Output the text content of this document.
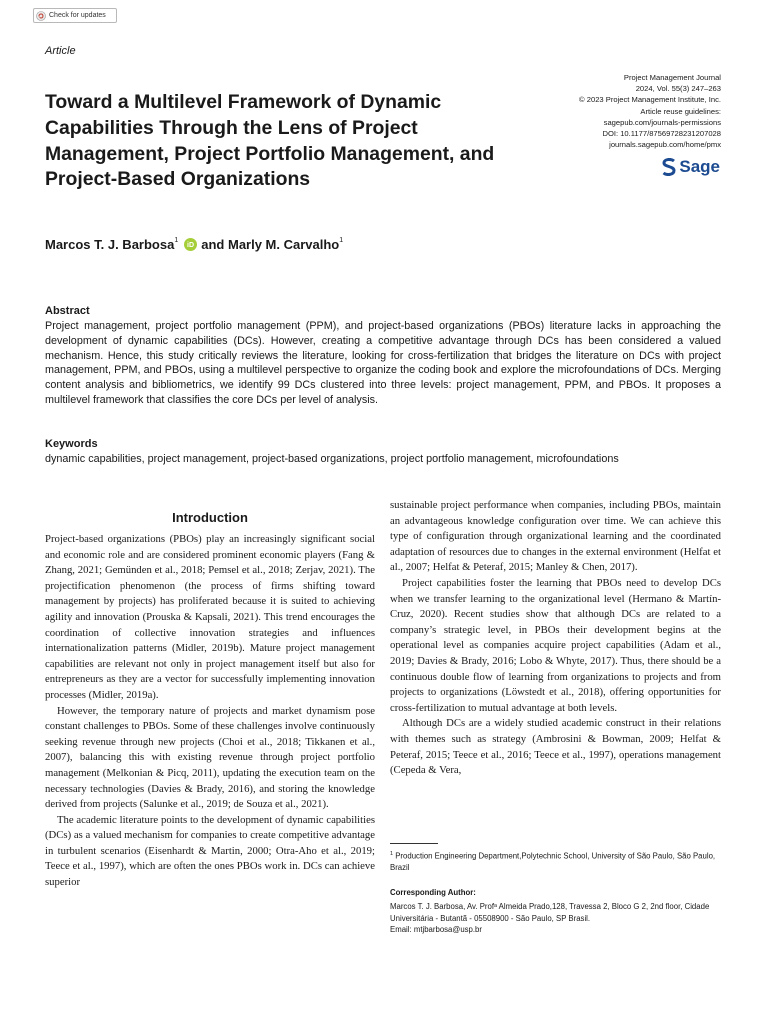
Check for updates
Article
Toward a Multilevel Framework of Dynamic Capabilities Through the Lens of Project Management, Project Portfolio Management, and Project-Based Organizations
Project Management Journal
2024, Vol. 55(3) 247–263
© 2023 Project Management Institute, Inc.
Article reuse guidelines:
sagepub.com/journals-permissions
DOI: 10.1177/87569728231207028
journals.sagepub.com/home/pmx
Sage
Marcos T. J. Barbosa$^1$
iD and
Marly M. Carvalho$^1$
Abstract
Project management, project portfolio management (PPM), and project-based organizations (PBOs) literature lacks in approaching the development of dynamic capabilities (DCs). However, creating a competitive advantage through DCs has been considered a valued mechanism. Hence, this study critically reviews the literature, looking for cross-fertilization that bridges the literature on DCs with project management, PPM, and PBOs, using a multilevel perspective to organize the coding book and explore the microfoundations of DCs. Merging content analysis and bibliometrics, we identify 99 DCs clustered into three levels: project management, PPM, and PBOs. It proposes a multilevel framework that classifies the core DCs per level of analysis.
Keywords
dynamic capabilities, project management, project-based organizations, project portfolio management, microfoundations
Introduction

Project-based organizations (PBOs) play an increasingly significant social and economic role and are considered prominent economic players (Fang & Zhang, 2021; Gemünden et al., 2018; Pemsel et al., 2018; Zerjav, 2021). The projectification phenomenon (the process of firms shifting toward management by projects) has proliferated because it is suited to achieving agility and innovation (Prouska & Kapsali, 2021). This trend encourages the coordination of collective innovation strategies and influences internationalization patterns (Midler, 2019b). Mature project management capabilities are relevant not only in project management itself but also for entrepreneurs as they are a vector for successfully implementing innovation processes (Midler, 2019a).

However, the temporary nature of projects and market dynamism pose constant challenges to PBOs. Some of these challenges involve continuously seeking revenue through new projects (Choi et al., 2018; Tikkanen et al., 2007), balancing this with existing revenue through project portfolio management (Melkonian & Picq, 2011), updating the execution team on the necessary technologies (Davies & Brady, 2016), and storing the knowledge derived from projects (Salunke et al., 2019; de Souza et al., 2021).

The academic literature points to the development of dynamic capabilities (DCs) as a valued mechanism for companies to create competitive advantage in turbulent scenarios (Eisenhardt & Martin, 2000; Otra-Aho et al., 2019; Teece et al., 1997), which are often the ones PBOs work in. DCs can achieve superior

sustainable project performance when companies, including PBOs, maintain an advantageous knowledge configuration over time. We can achieve this type of configuration through organizational learning and the coordinated adaptation of resources due to changes in the external environment (Helfat et al., 2007; Helfat & Peteraf, 2015; Manley & Chen, 2017).

Project capabilities foster the learning that PBOs need to develop DCs when we transfer learning to the organizational level (Hermano & Martín-Cruz, 2020). Recent studies show that although DCs are related to a company’s strategic level, in PBOs their development begins at the operational level as companies acquire project capabilities (Adam et al., 2019; Davies & Brady, 2016; Lobo & Whyte, 2017). Thus, there should be a continuous double flow of learning from organizations to projects and from projects to organizations (Löwstedt et al., 2018), offering opportunities for cross-fertilization to mutual advantage at both levels.

Although DCs are a widely studied academic construct in their relations with themes such as strategy (Ambrosini & Bowman, 2009; Helfat & Peteraf, 2015; Teece et al., 2016; Teece et al., 1997), operations management (Cepeda & Vera,

$^1$ Production Engineering Department,Polytechnic School, University of São Paulo, São Paulo, Brazil
Corresponding Author:
Marcos T. J. Barbosa, Av. Profᵃ Almeida Prado,128, Travessa 2, Bloco G 2, 2nd floor, Cidade Universitária - Butantã - 05508900 - São Paulo, SP Brasil.
Email: mtjbarbosa@usp.br
